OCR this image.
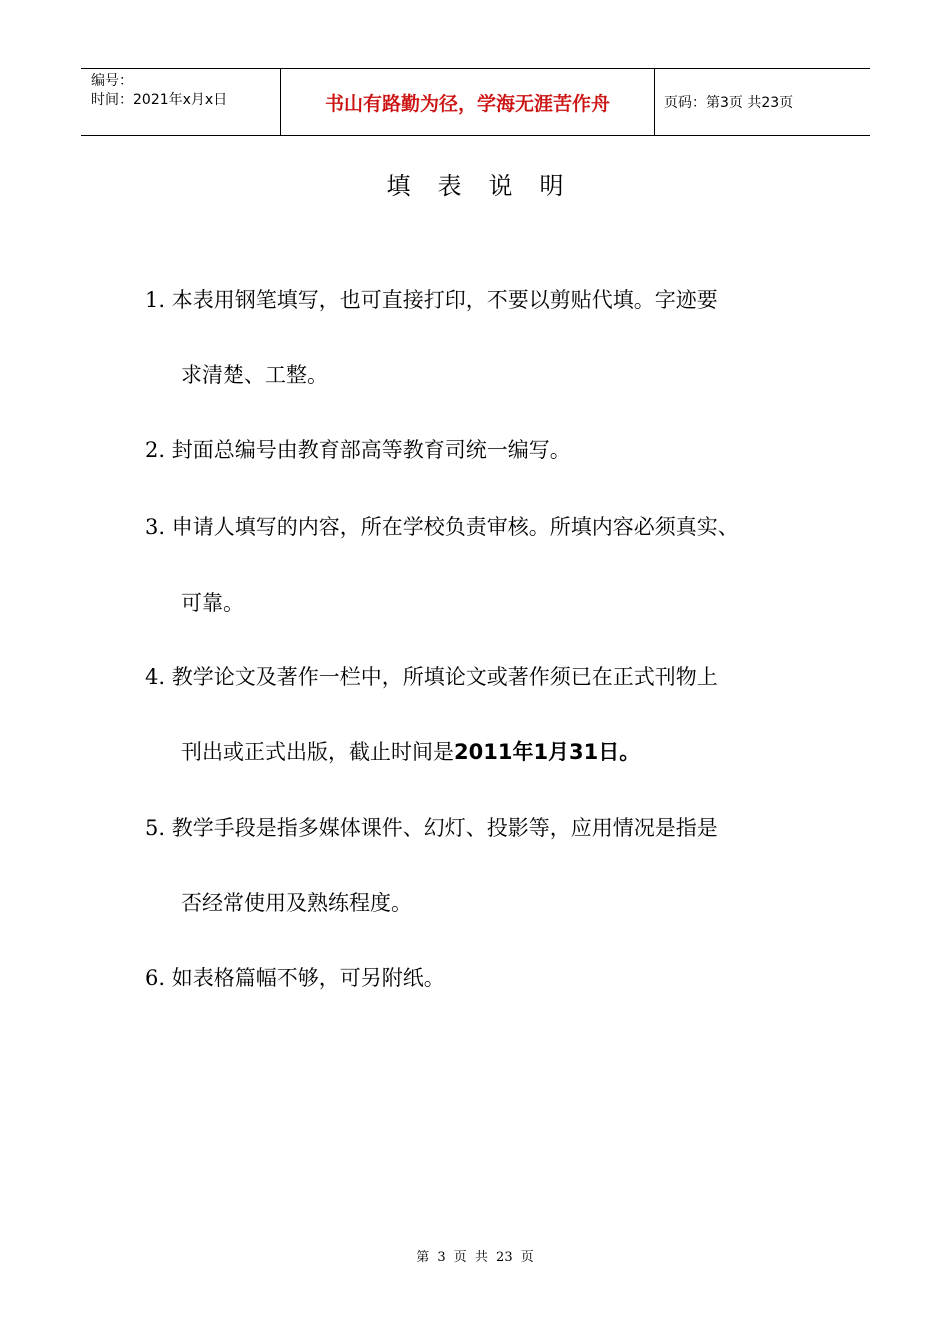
编号：
时间：2021年x月x日	书山有路勤为径，学海无涯苦作舟	页码：第3页 共23页
填表说明
1. 本表用钢笔填写，也可直接打印，不要以剪贴代填。字迹要
求清楚、工整。
2. 封面总编号由教育部高等教育司统一编写。
3. 申请人填写的内容，所在学校负责审核。所填内容必须真实、
可靠。
4. 教学论文及著作一栏中，所填论文或著作须已在正式刊物上
刊出或正式出版，截止时间是2011年1月31日。
5. 教学手段是指多媒体课件、幻灯、投影等，应用情况是指是
否经常使用及熟练程度。
6. 如表格篇幅不够，可另附纸。
第 3 页 共 23 页
